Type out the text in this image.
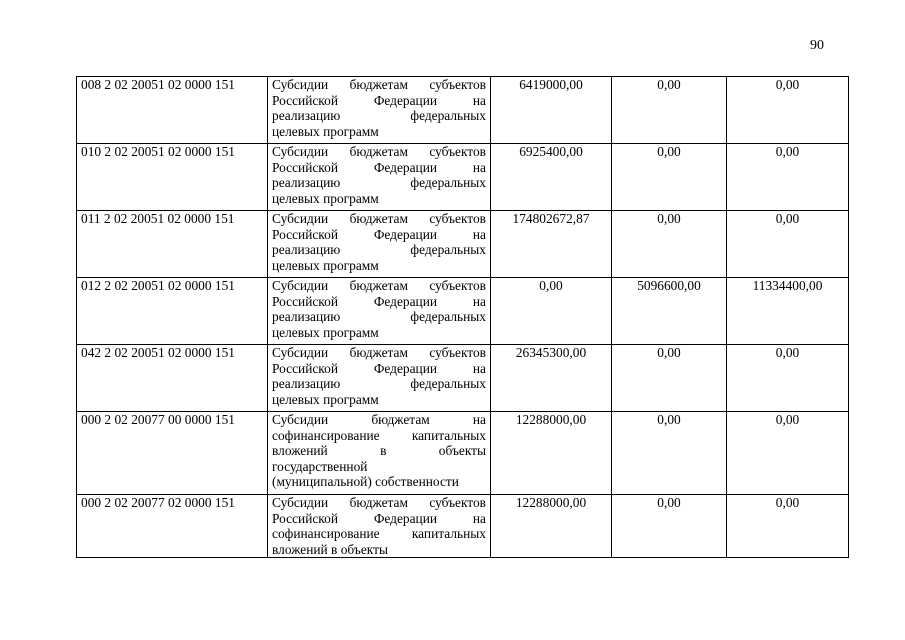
90
008 2 02 20051 02 0000 151	Субсидии бюджетам субъектов
Российской Федерации на
реализацию федеральных
целевых программ	6419000,00	0,00	0,00
010 2 02 20051 02 0000 151	Субсидии бюджетам субъектов
Российской Федерации на
реализацию федеральных
целевых программ	6925400,00	0,00	0,00
011 2 02 20051 02 0000 151	Субсидии бюджетам субъектов
Российской Федерации на
реализацию федеральных
целевых программ	174802672,87	0,00	0,00
012 2 02 20051 02 0000 151	Субсидии бюджетам субъектов
Российской Федерации на
реализацию федеральных
целевых программ	0,00	5096600,00	11334400,00
042 2 02 20051 02 0000 151	Субсидии бюджетам субъектов
Российской Федерации на
реализацию федеральных
целевых программ	26345300,00	0,00	0,00
000 2 02 20077 00 0000 151	Субсидии бюджетам на
софинансирование капитальных
вложений в объекты
государственной
(муниципальной) собственности	12288000,00	0,00	0,00
000 2 02 20077 02 0000 151	Субсидии бюджетам субъектов
Российской Федерации на
софинансирование капитальных
вложений в объекты	12288000,00	0,00	0,00
